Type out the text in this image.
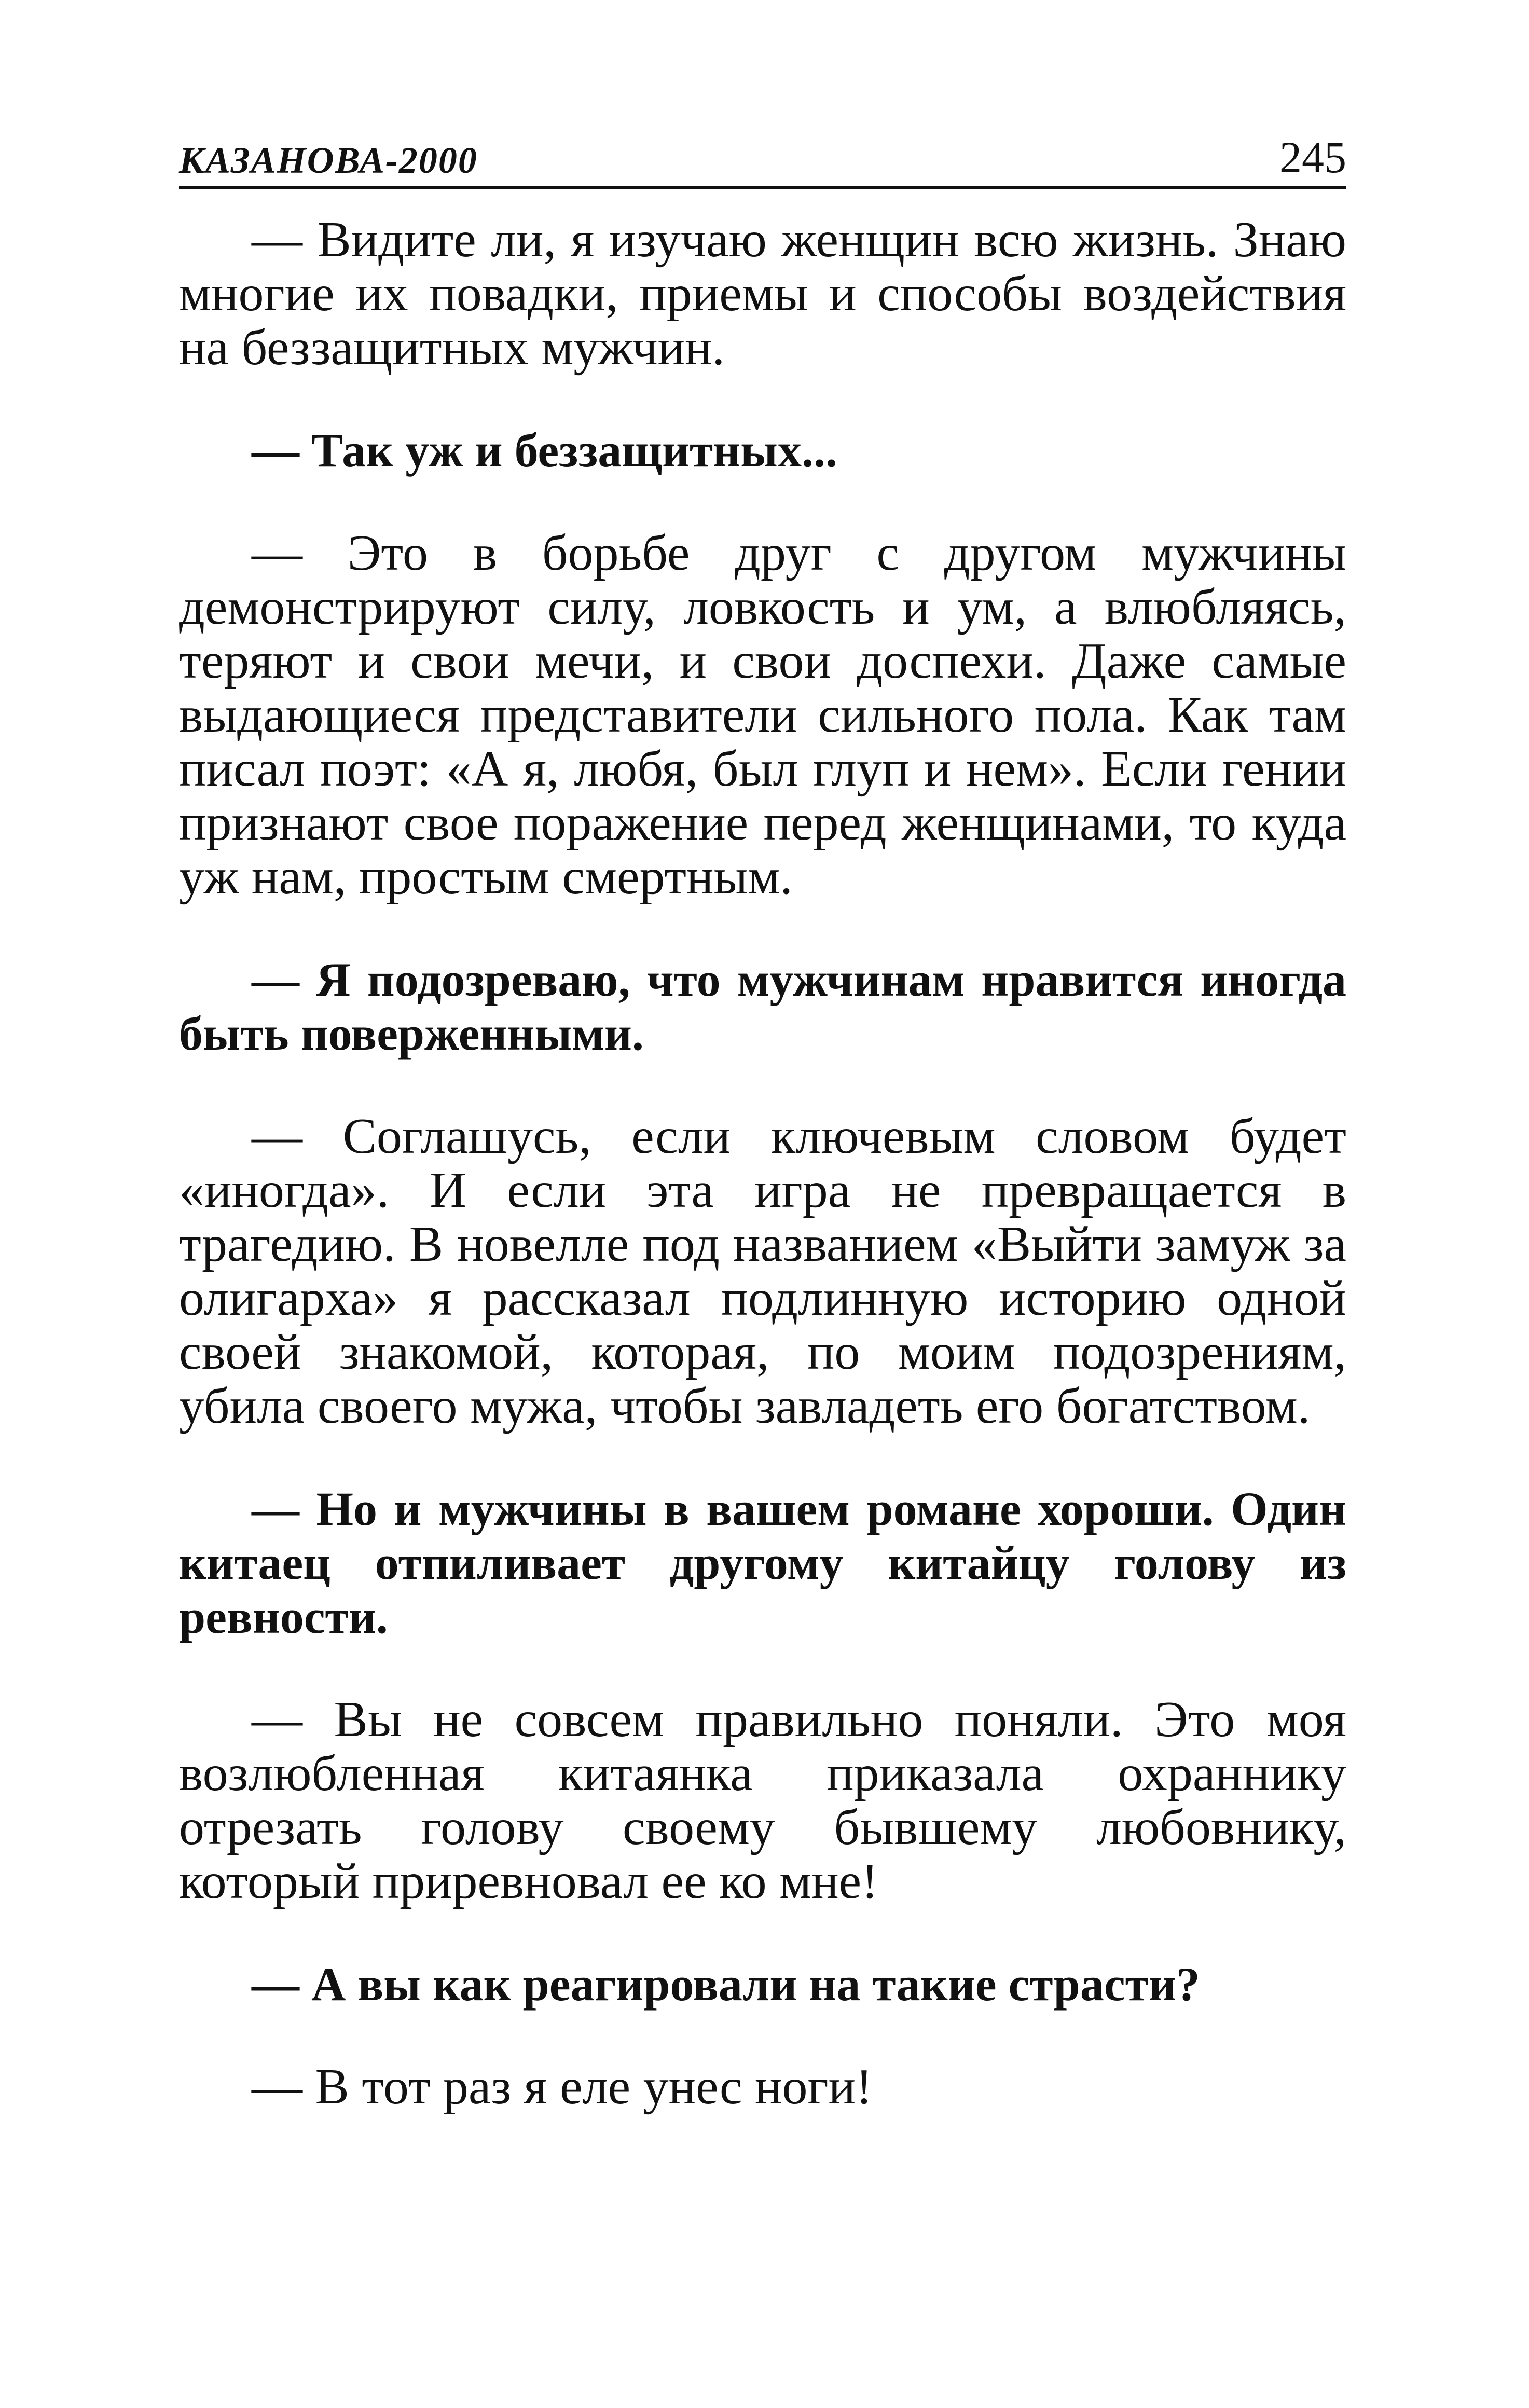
КАЗАНОВА-2000	245

— Видите ли, я изучаю женщин всю жизнь. Знаю многие их повадки, приемы и способы воздействия на беззащитных мужчин.

— Так уж и беззащитных...

— Это в борьбе друг с другом мужчины демонстрируют силу, ловкость и ум, а влюбляясь, теряют и свои мечи, и свои доспехи. Даже самые выдающиеся представители сильного пола. Как там писал поэт: «А я, любя, был глуп и нем». Если гении признают свое поражение перед женщинами, то куда уж нам, простым смертным.

— Я подозреваю, что мужчинам нравится иногда быть поверженными.

— Соглашусь, если ключевым словом будет «иногда». И если эта игра не превращается в трагедию. В новелле под названием «Выйти замуж за олигарха» я рассказал подлинную историю одной своей знакомой, которая, по моим подозрениям, убила своего мужа, чтобы завладеть его богатством.

— Но и мужчины в вашем романе хороши. Один китаец отпиливает другому китайцу голову из ревности.

— Вы не совсем правильно поняли. Это моя возлюбленная китаянка приказала охраннику отрезать голову своему бывшему любовнику, который приревновал ее ко мне!

— А вы как реагировали на такие страсти?

— В тот раз я еле унес ноги!
